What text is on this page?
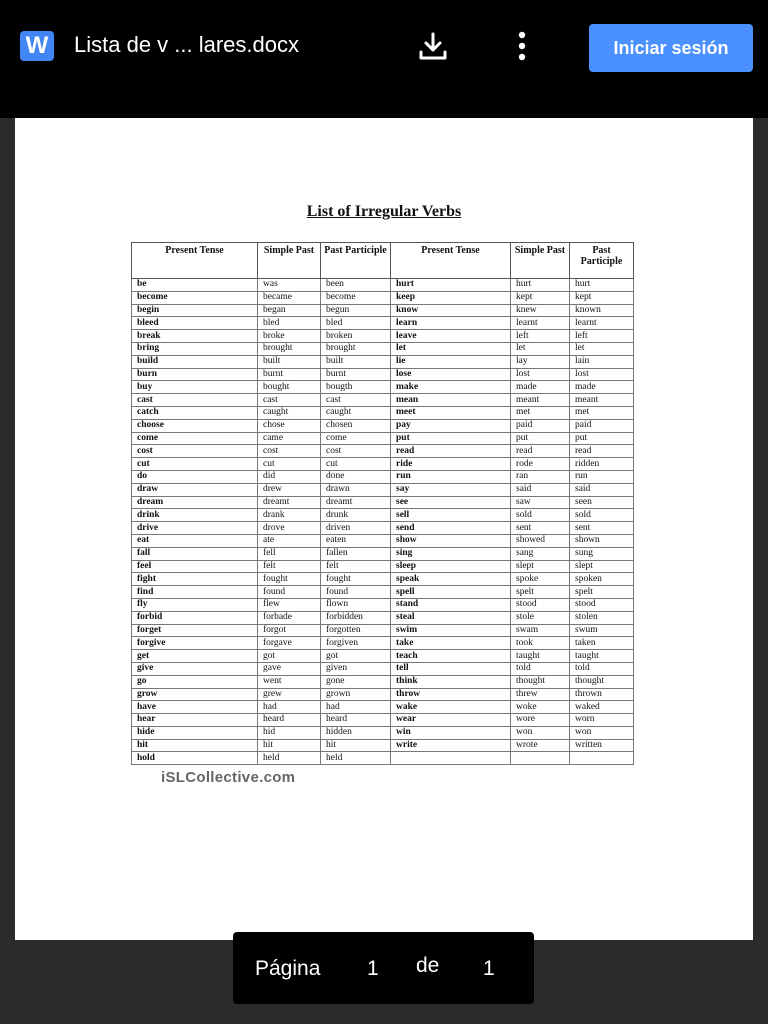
W Lista de v ... lares.docx	Iniciar sesión
List of Irregular Verbs
Present Tense	Simple Past	Past Participle	Present Tense	Simple Past	Past Participle
be	was	been	hurt	hurt	hurt
become	became	become	keep	kept	kept
begin	began	begun	know	knew	known
bleed	bled	bled	learn	learnt	learnt
break	broke	broken	leave	left	left
bring	brought	brought	let	let	let
build	built	built	lie	lay	lain
burn	burnt	burnt	lose	lost	lost
buy	bought	bougth	make	made	made
cast	cast	cast	mean	meant	meant
catch	caught	caught	meet	met	met
choose	chose	chosen	pay	paid	paid
come	came	come	put	put	put
cost	cost	cost	read	read	read
cut	cut	cut	ride	rode	ridden
do	did	done	run	ran	run
draw	drew	drawn	say	said	said
dream	dreamt	dreamt	see	saw	seen
drink	drank	drunk	sell	sold	sold
drive	drove	driven	send	sent	sent
eat	ate	eaten	show	showed	shown
fall	fell	fallen	sing	sang	sung
feel	felt	felt	sleep	slept	slept
fight	fought	fought	speak	spoke	spoken
find	found	found	spell	spelt	spelt
fly	flew	flown	stand	stood	stood
forbid	forbade	forbidden	steal	stole	stolen
forget	forgot	forgotten	swim	swam	swum
forgive	forgave	forgiven	take	took	taken
get	got	got	teach	taught	taught
give	gave	given	tell	told	told
go	went	gone	think	thought	thought
grow	grew	grown	throw	threw	thrown
have	had	had	wake	woke	waked
hear	heard	heard	wear	wore	worn
hide	hid	hidden	win	won	won
hit	hit	hit	write	wrote	written
hold	held	held			
iSLCollective.com
Página 1 de 1
